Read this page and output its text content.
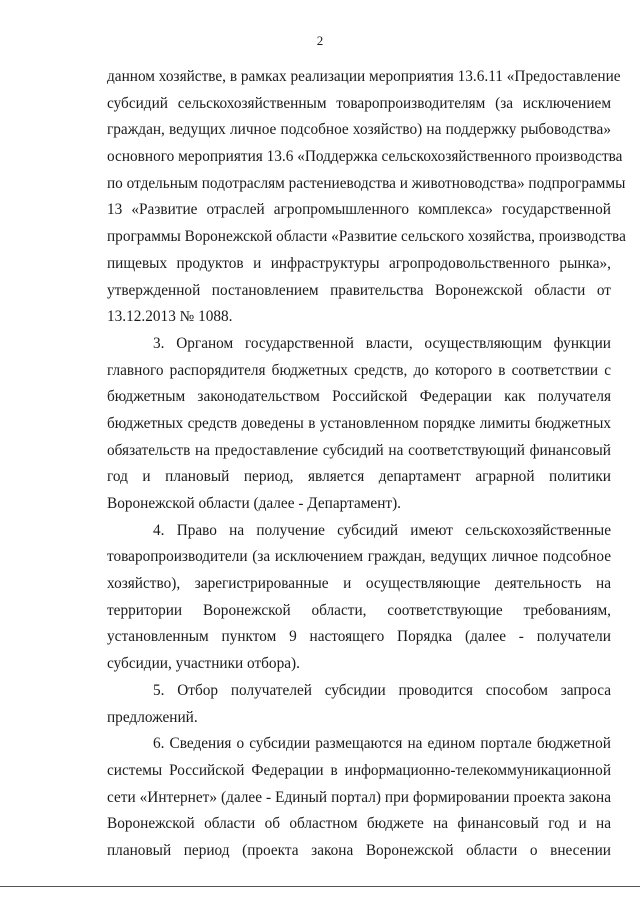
2
данном хозяйстве, в рамках реализации мероприятия 13.6.11 «Предоставление
субсидий сельскохозяйственным товаропроизводителям (за исключением
граждан, ведущих личное подсобное хозяйство) на поддержку рыбоводства»
основного мероприятия 13.6 «Поддержка сельскохозяйственного производства
по отдельным подотраслям растениеводства и животноводства» подпрограммы
13 «Развитие отраслей агропромышленного комплекса» государственной
программы Воронежской области «Развитие сельского хозяйства, производства
пищевых продуктов и инфраструктуры агропродовольственного рынка»,
утвержденной постановлением правительства Воронежской области от
13.12.2013 № 1088.
3. Органом государственной власти, осуществляющим функции
главного распорядителя бюджетных средств, до которого в соответствии с
бюджетным законодательством Российской Федерации как получателя
бюджетных средств доведены в установленном порядке лимиты бюджетных
обязательств на предоставление субсидий на соответствующий финансовый
год и плановый период, является департамент аграрной политики
Воронежской области (далее - Департамент).
4. Право на получение субсидий имеют сельскохозяйственные
товаропроизводители (за исключением граждан, ведущих личное подсобное
хозяйство), зарегистрированные и осуществляющие деятельность на
территории Воронежской области, соответствующие требованиям,
установленным пунктом 9 настоящего Порядка (далее - получатели
субсидии, участники отбора).
5. Отбор получателей субсидии проводится способом запроса
предложений.
6. Сведения о субсидии размещаются на едином портале бюджетной
системы Российской Федерации в информационно-телекоммуникационной
сети «Интернет» (далее - Единый портал) при формировании проекта закона
Воронежской области об областном бюджете на финансовый год и на
плановый период (проекта закона Воронежской области о внесении
